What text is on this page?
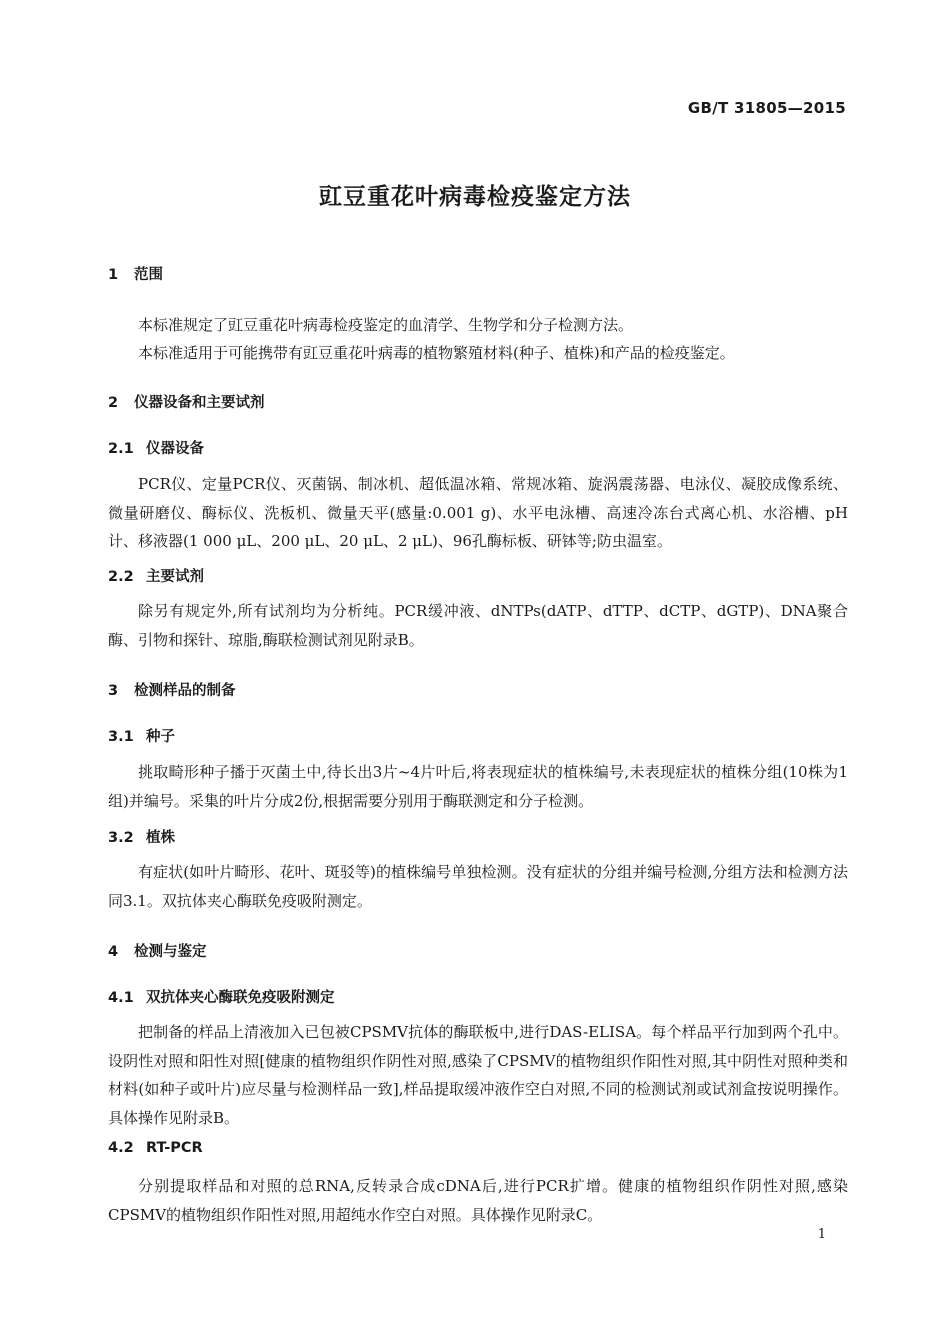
GB/T 31805—2015
豇豆重花叶病毒检疫鉴定方法
1 范围

本标准规定了豇豆重花叶病毒检疫鉴定的血清学、生物学和分子检测方法。

本标准适用于可能携带有豇豆重花叶病毒的植物繁殖材料(种子、植株)和产品的检疫鉴定。

2 仪器设备和主要试剂
2.1 仪器设备

PCR仪、定量PCR仪、灭菌锅、制冰机、超低温冰箱、常规冰箱、旋涡震荡器、电泳仪、凝胶成像系统、微量研磨仪、酶标仪、洗板机、微量天平(感量:0.001 g)、水平电泳槽、高速冷冻台式离心机、水浴槽、pH计、移液器(1 000 μL、200 μL、20 μL、2 μL)、96孔酶标板、研钵等;防虫温室。

2.2 主要试剂

除另有规定外,所有试剂均为分析纯。PCR缓冲液、dNTPs(dATP、dTTP、dCTP、dGTP)、DNA聚合酶、引物和探针、琼脂,酶联检测试剂见附录B。

3 检测样品的制备
3.1 种子

挑取畸形种子播于灭菌土中,待长出3片~4片叶后,将表现症状的植株编号,未表现症状的植株分组(10株为1组)并编号。采集的叶片分成2份,根据需要分别用于酶联测定和分子检测。

3.2 植株

有症状(如叶片畸形、花叶、斑驳等)的植株编号单独检测。没有症状的分组并编号检测,分组方法和检测方法同3.1。双抗体夹心酶联免疫吸附测定。

4 检测与鉴定
4.1 双抗体夹心酶联免疫吸附测定

把制备的样品上清液加入已包被CPSMV抗体的酶联板中,进行DAS-ELISA。每个样品平行加到两个孔中。设阴性对照和阳性对照[健康的植物组织作阴性对照,感染了CPSMV的植物组织作阳性对照,其中阴性对照种类和材料(如种子或叶片)应尽量与检测样品一致],样品提取缓冲液作空白对照,不同的检测试剂或试剂盒按说明操作。具体操作见附录B。

4.2 RT-PCR

分别提取样品和对照的总RNA,反转录合成cDNA后,进行PCR扩增。健康的植物组织作阴性对照,感染CPSMV的植物组织作阳性对照,用超纯水作空白对照。具体操作见附录C。

1
